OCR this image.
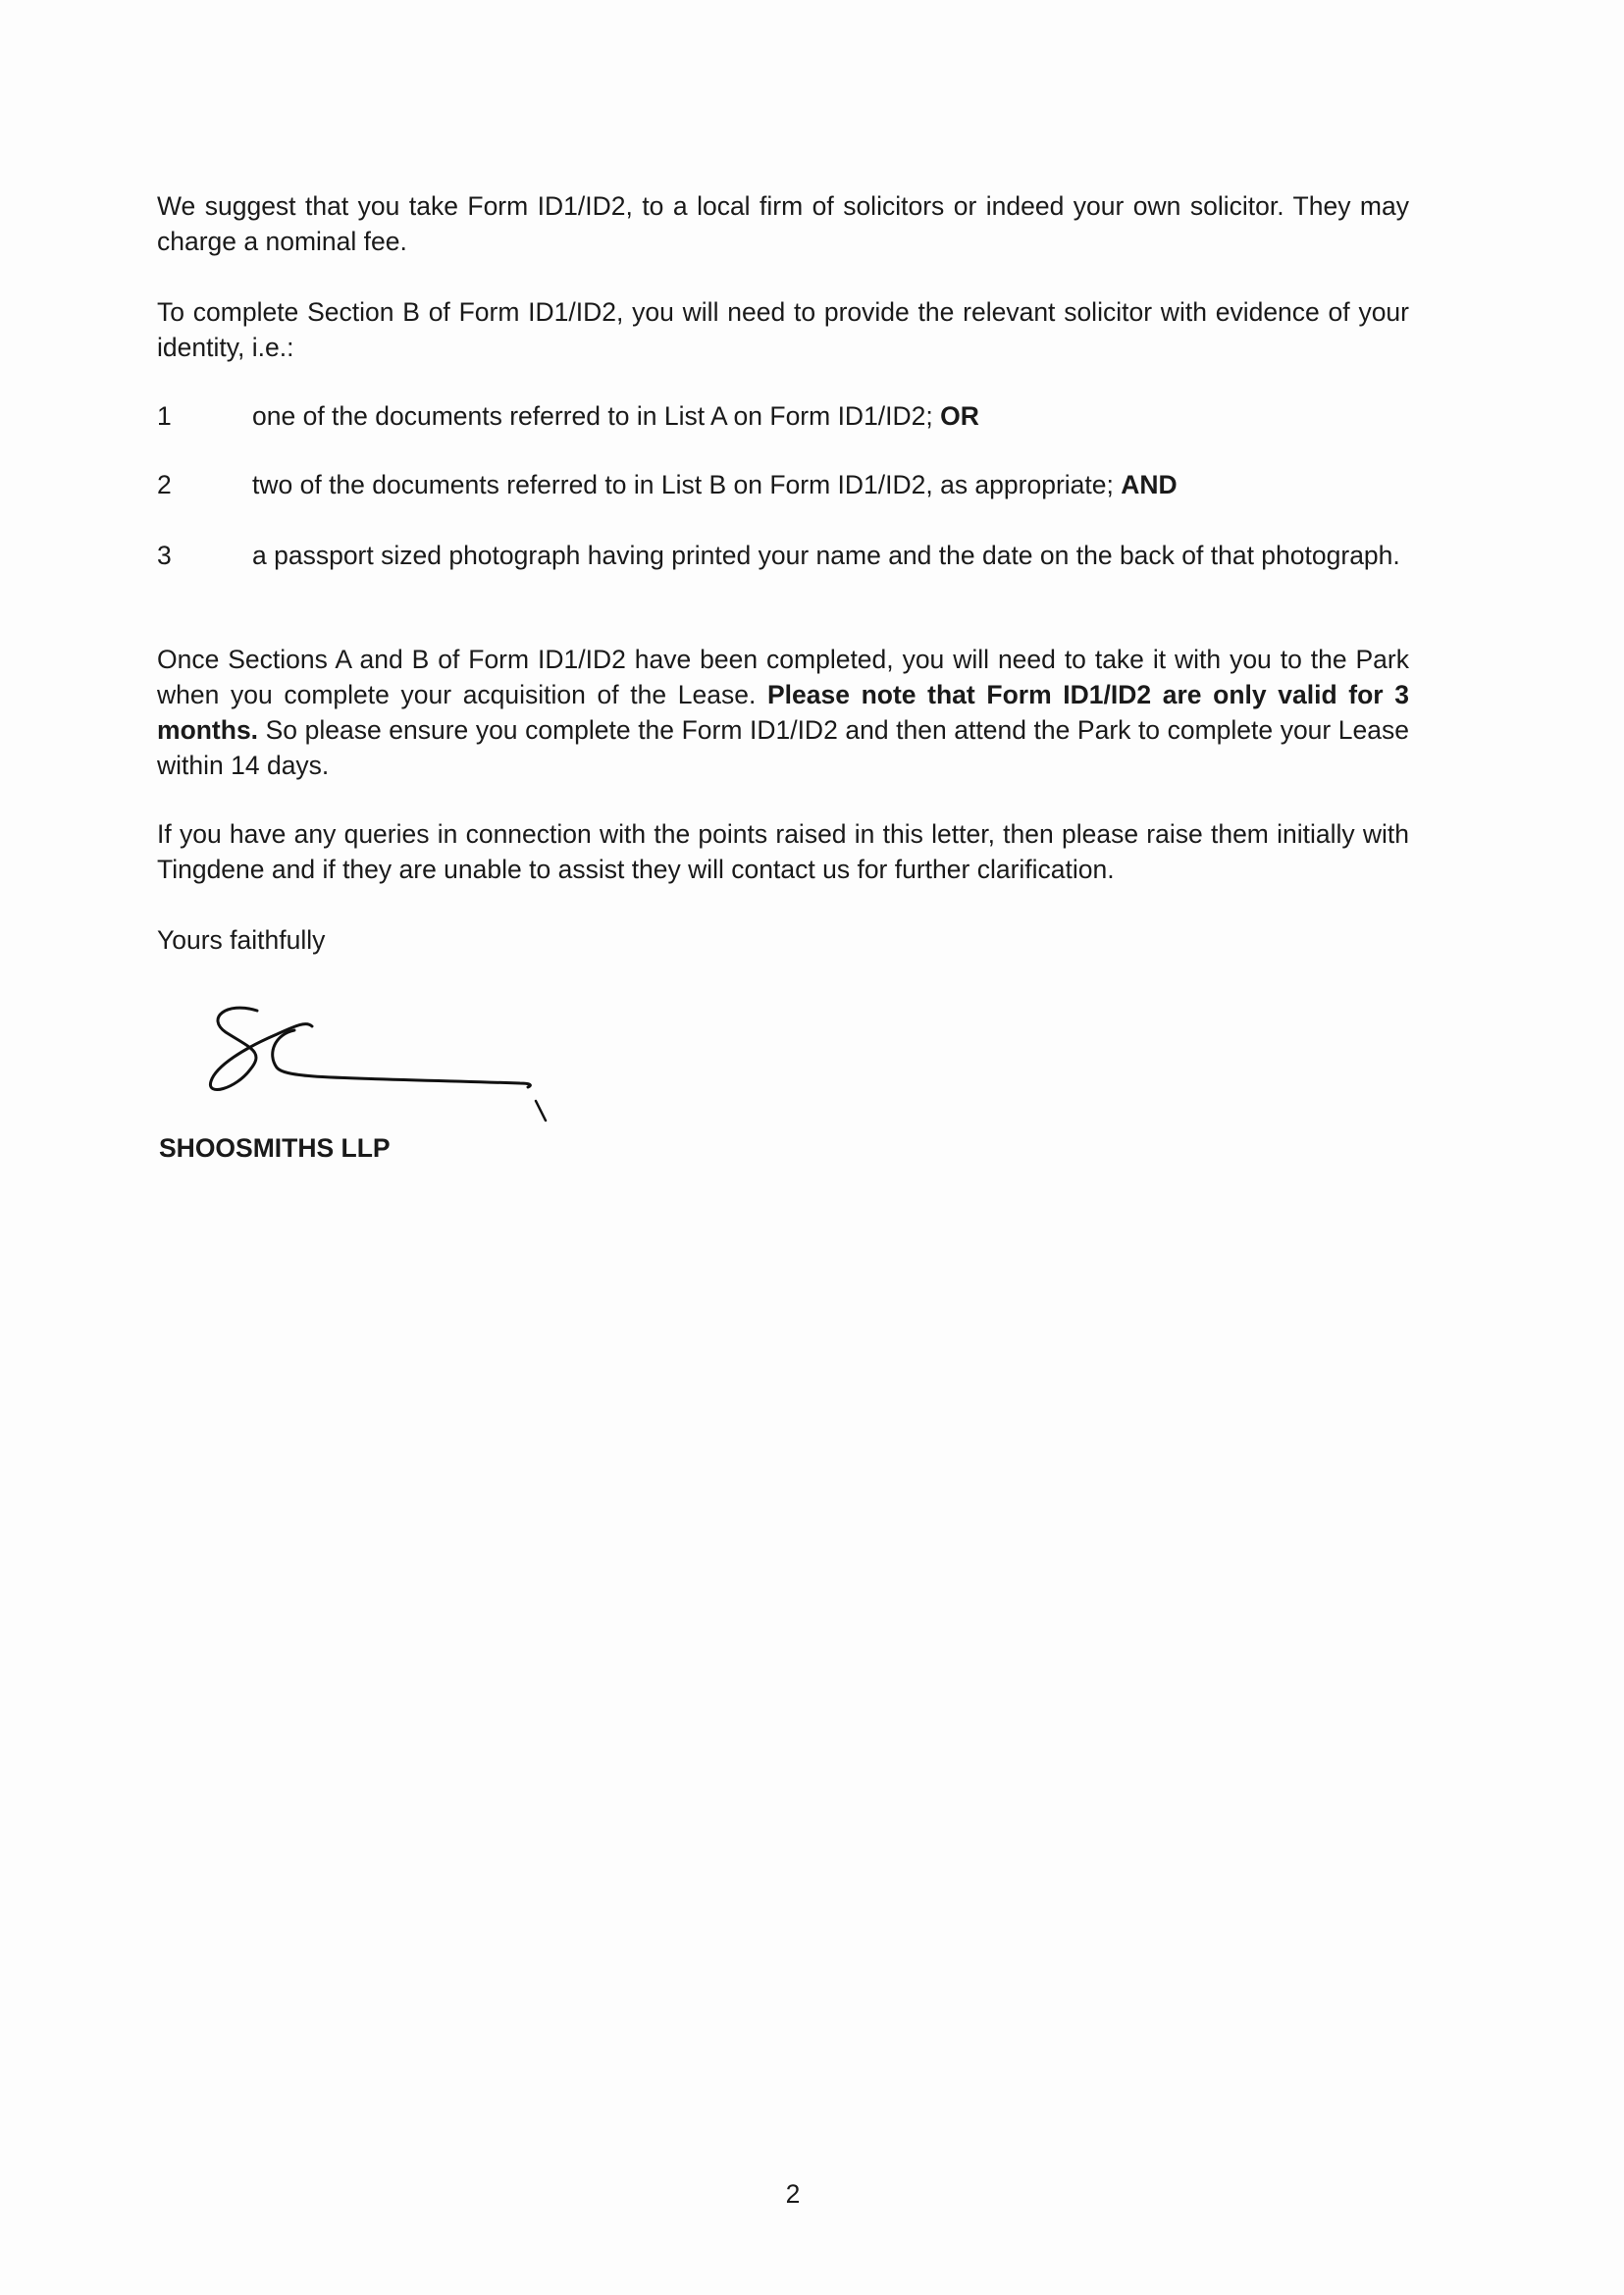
We suggest that you take Form ID1/ID2, to a local firm of solicitors or indeed your own solicitor. They may charge a nominal fee.

To complete Section B of Form ID1/ID2, you will need to provide the relevant solicitor with evidence of your identity, i.e.:

1	one of the documents referred to in List A on Form ID1/ID2; OR
2	two of the documents referred to in List B on Form ID1/ID2, as appropriate; AND
3	a passport sized photograph having printed your name and the date on the back of that photograph.

Once Sections A and B of Form ID1/ID2 have been completed, you will need to take it with you to the Park when you complete your acquisition of the Lease. Please note that Form ID1/ID2 are only valid for 3 months. So please ensure you complete the Form ID1/ID2 and then attend the Park to complete your Lease within 14 days.

If you have any queries in connection with the points raised in this letter, then please raise them initially with Tingdene and if they are unable to assist they will contact us for further clarification.

Yours faithfully

SHOOSMITHS LLP

2
